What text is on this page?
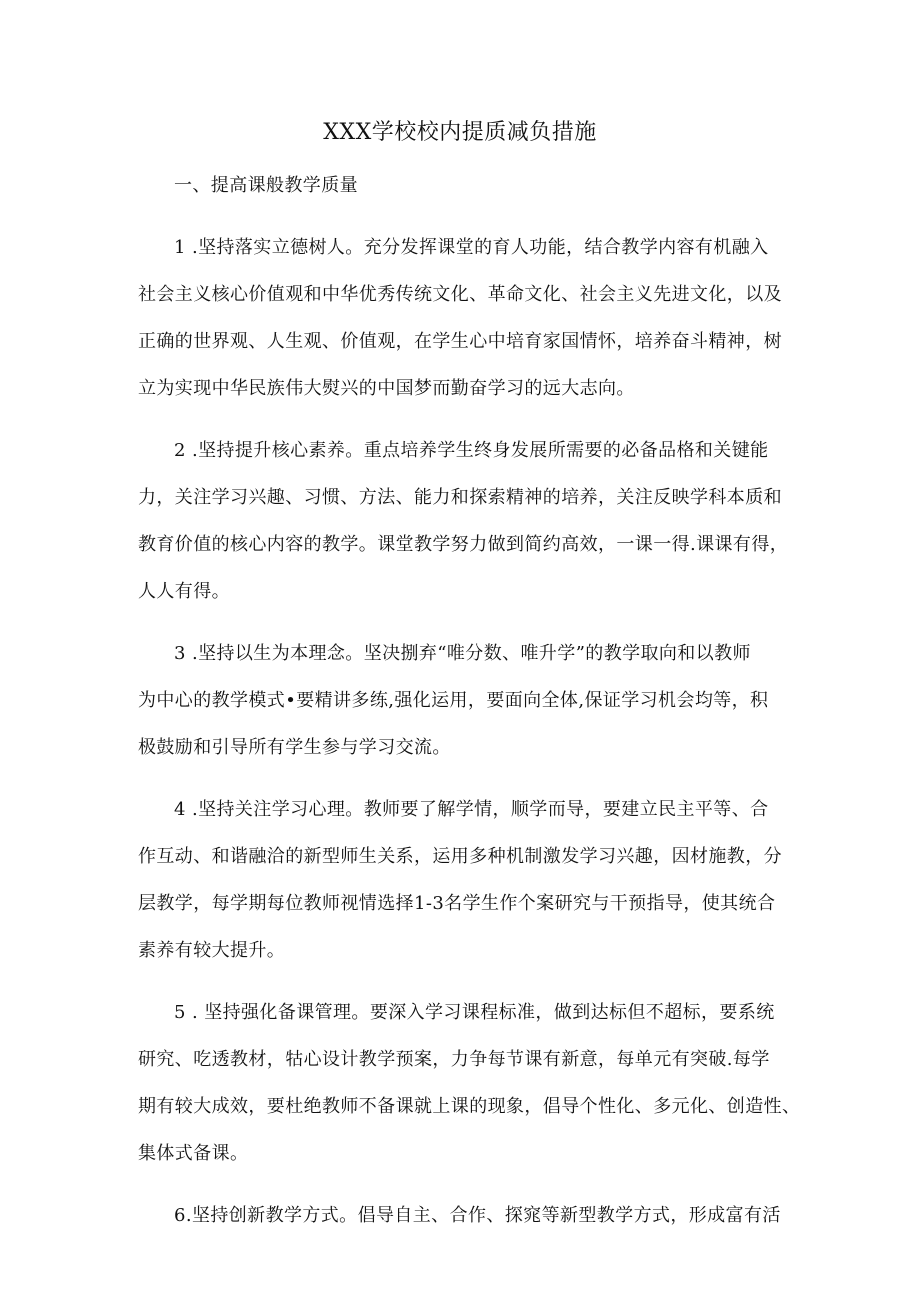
XXX学校校内提质减负措施
一、提高课般教学质量
1 .坚持落实立德树人。充分发挥课堂的育人功能，结合教学内容有机融入
社会主义核心价值观和中华优秀传统文化、革命文化、社会主义先进文化，以及
正确的世界观、人生观、价值观，在学生心中培育家国情怀，培养奋斗精神，树
立为实现中华民族伟大熨兴的中国梦而勤奋学习的远大志向。
2 .坚持提升核心素养。重点培养学生终身发展所需要的必备品格和关键能
力，关注学习兴趣、习惯、方法、能力和探索精神的培养，关注反映学科本质和
教育价值的核心内容的教学。课堂教学努力做到简约高效，一课一得.课课有得，
人人有得。
3 .坚持以生为本理念。坚决捌弃“唯分数、唯升学”的教学取向和以教师
为中心的教学模式•要精讲多练,强化运用，要面向全体,保证学习机会均等，积
极鼓励和引导所有学生参与学习交流。
4 .坚持关注学习心理。教师要了解学情，顺学而导，要建立民主平等、合
作互动、和谐融洽的新型师生关系，运用多种机制激发学习兴趣，因材施教，分
层教学，每学期每位教师视情选择1-3名学生作个案研究与干预指导，使其统合
素养有较大提升。
5 . 坚持强化备课管理。要深入学习课程标准，做到达标但不超标，要系统
研究、吃透教材，牯心设计教学预案，力争每节课有新意，每单元有突破.每学
期有较大成效，要杜绝教师不备课就上课的现象，倡导个性化、多元化、创造性、
集体式备课。
6.坚持创新教学方式。倡导自主、合作、探窕等新型教学方式，形成富有活
